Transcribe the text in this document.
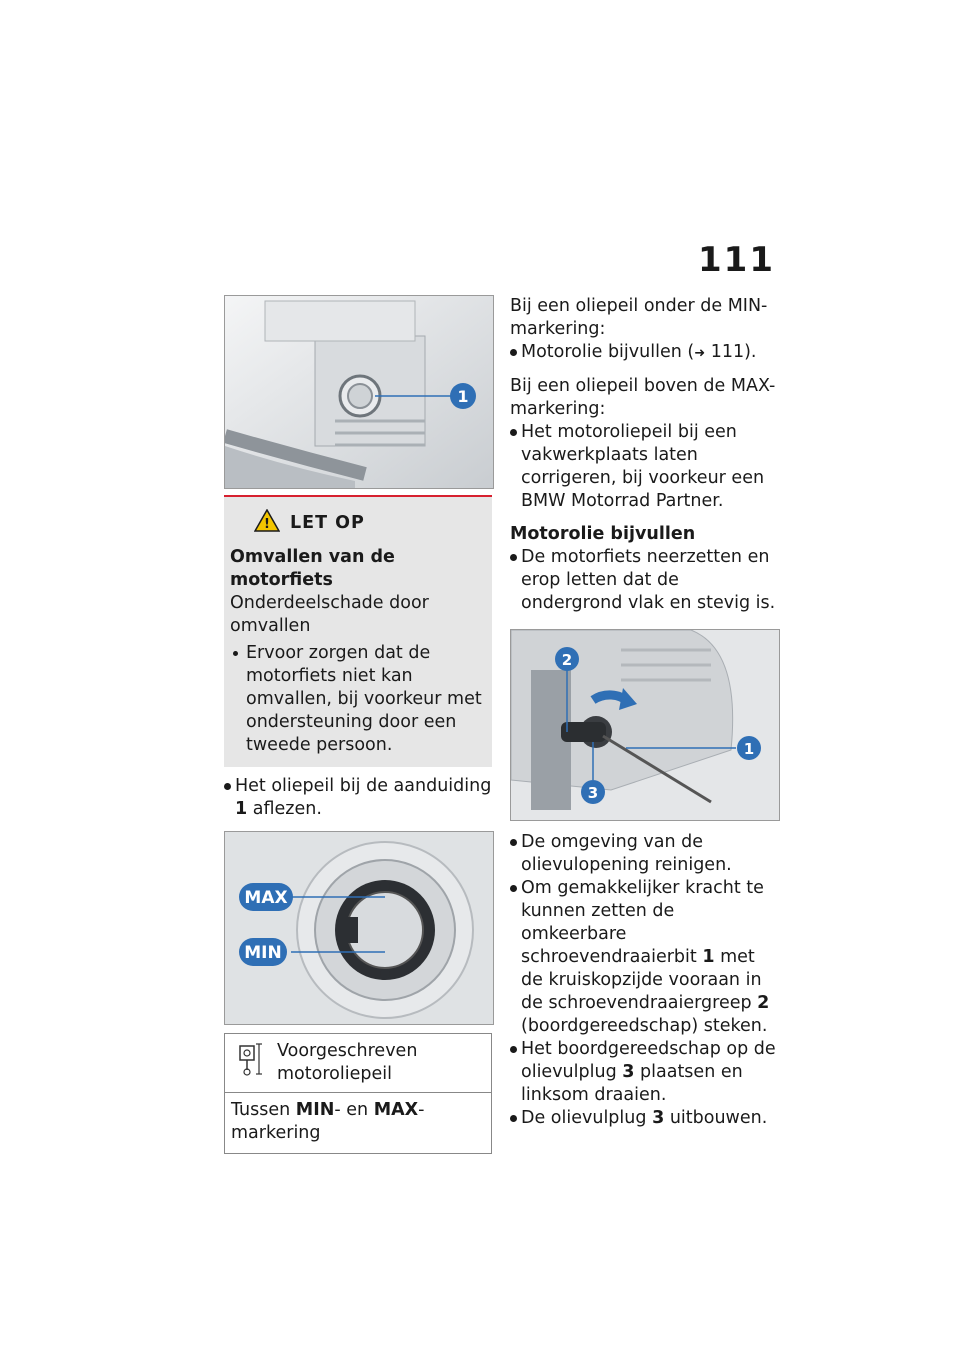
111
1
! LET OP

Omvallen van de motorfiets

Onderdeelschade door omvallen

Ervoor zorgen dat de motorfiets niet kan omvallen, bij voorkeur met ondersteuning door een tweede persoon.
Het oliepeil bij de aanduiding 1 aflezen.
MAX
MIN
Voorgeschreven motoroliepeil
Tussen MIN- en MAX-markering

Bij een oliepeil onder de MIN-markering:

Motorolie bijvullen (➜ 111).

Bij een oliepeil boven de MAX-markering:

Het motoroliepeil bij een vakwerkplaats laten corrigeren, bij voorkeur een BMW Motorrad Partner.

Motorolie bijvullen

De motorfiets neerzetten en erop letten dat de ondergrond vlak en stevig is.
2
3
1
De omgeving van de olievulopening reinigen.
Om gemakkelijker kracht te kunnen zetten de omkeerbare schroevendraaierbit 1 met de kruiskopzijde vooraan in de schroevendraaiergreep 2 (boordgereedschap) steken.
Het boordgereedschap op de olievulplug 3 plaatsen en linksom draaien.
De olievulplug 3 uitbouwen.
